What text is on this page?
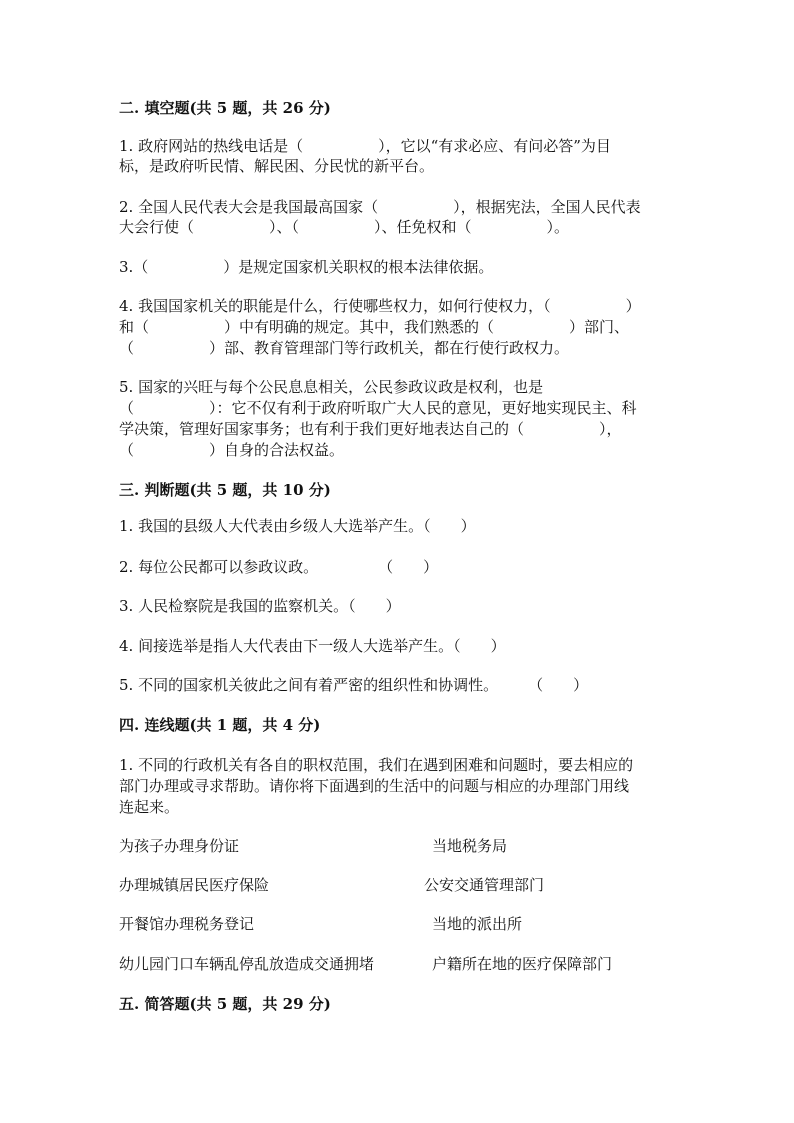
二. 填空题(共 5 题，共 26 分)
1. 政府网站的热线电话是（　　　　　），它以“有求必应、有问必答”为目
标，是政府听民情、解民困、分民忧的新平台。
2. 全国人民代表大会是我国最高国家（　　　　　），根据宪法，全国人民代表
大会行使（　　　　　）、（　　　　　）、任免权和（　　　　　）。
3.（　　　　　）是规定国家机关职权的根本法律依据。
4. 我国国家机关的职能是什么，行使哪些权力，如何行使权力，（　　　　　）
和（　　　　　）中有明确的规定。其中，我们熟悉的（　　　　　）部门、
（　　　　　）部、教育管理部门等行政机关，都在行使行政权力。
5. 国家的兴旺与每个公民息息相关，公民参政议政是权利，也是
（　　　　　）：它不仅有利于政府听取广大人民的意见，更好地实现民主、科
学决策，管理好国家事务；也有利于我们更好地表达自己的（　　　　　），
（　　　　　）自身的合法权益。
三. 判断题(共 5 题，共 10 分)
1. 我国的县级人大代表由乡级人大选举产生。（　　）
2. 每位公民都可以参政议政。　　　　　（　　）
3. 人民检察院是我国的监察机关。（　　）
4. 间接选举是指人大代表由下一级人大选举产生。（　　）
5. 不同的国家机关彼此之间有着严密的组织性和协调性。　　　（　　）
四. 连线题(共 1 题，共 4 分)
1. 不同的行政机关有各自的职权范围，我们在遇到困难和问题时，要去相应的
部门办理或寻求帮助。请你将下面遇到的生活中的问题与相应的办理部门用线
连起来。
为孩子办理身份证	当地税务局
办理城镇居民医疗保险	公安交通管理部门
开餐馆办理税务登记	当地的派出所
幼儿园门口车辆乱停乱放造成交通拥堵	户籍所在地的医疗保障部门
五. 简答题(共 5 题，共 29 分)
